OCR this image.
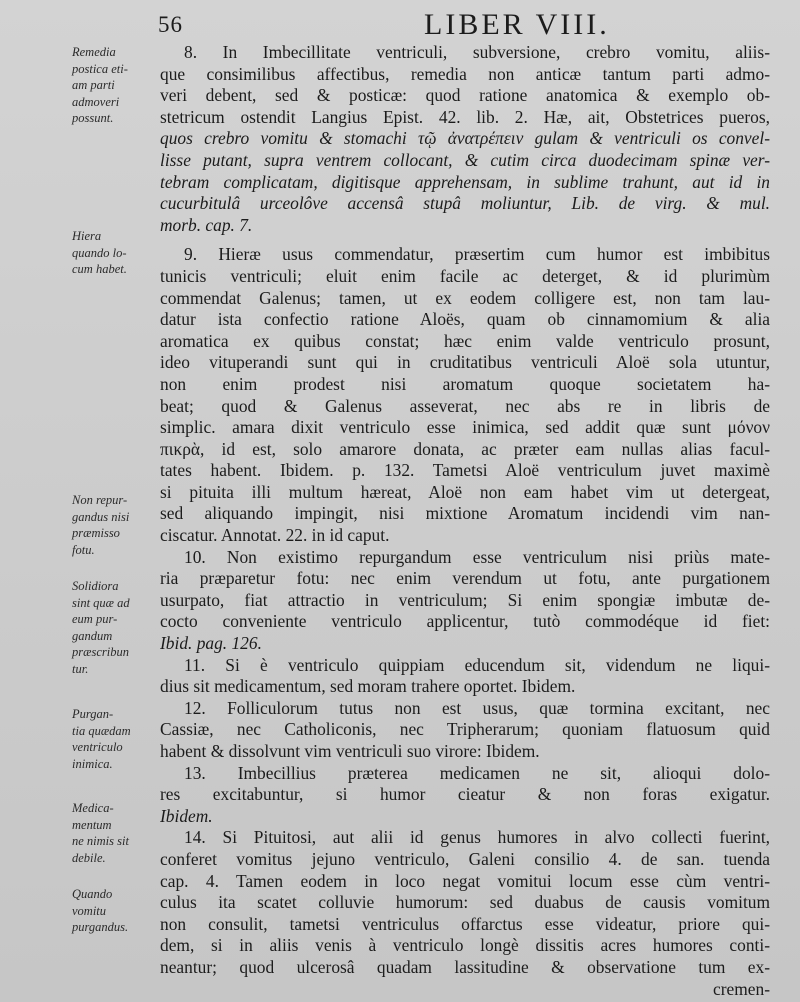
56	LIBER VIII.
Remedia
postica eti-
am parti
admoveri
possunt.
Hiera
quando lo-
cum habet.
Non repur-
gandus nisi
præmisso
fotu.
Solidiora
sint quæ ad
eum pur-
gandum
præscribun
tur.
Purgan-
tia quædam
ventriculo
inimica.
Medica-
mentum
ne nimis sit
debile.
Quando
vomitu
purgandus.
8. In Imbecillitate ventriculi, subversione, crebro vomitu, aliis-
que consimilibus affectibus, remedia non anticæ tantum parti admo-
veri debent, sed & posticæ: quod ratione anatomica & exemplo ob-
stetricum ostendit Langius Epist. 42. lib. 2. Hæ, ait, Obstetrices pueros,
quos crebro vomitu & stomachi τῷ ἀνατρέπειν gulam & ventriculi os convel-
lisse putant, supra ventrem collocant, & cutim circa duodecimam spinæ ver-
tebram complicatam, digitisque apprehensam, in sublime trahunt, aut id in
cucurbitulâ urceolôve accensâ stupâ moliuntur, Lib. de virg. & mul.
morb. cap. 7.
9. Hieræ usus commendatur, præsertim cum humor est imbibitus
tunicis ventriculi; eluit enim facile ac deterget, & id plurimùm
commendat Galenus; tamen, ut ex eodem colligere est, non tam lau-
datur ista confectio ratione Aloës, quam ob cinnamomium & alia
aromatica ex quibus constat; hæc enim valde ventriculo prosunt,
ideo vituperandi sunt qui in cruditatibus ventriculi Aloë sola utuntur,
non enim prodest nisi aromatum quoque societatem ha-
beat; quod & Galenus asseverat, nec abs re in libris de
simplic. amara dixit ventriculo esse inimica, sed addit quæ sunt μόνον
πικρὰ, id est, solo amarore donata, ac præter eam nullas alias facul-
tates habent. Ibidem. p. 132. Tametsi Aloë ventriculum juvet maximè
si pituita illi multum hæreat, Aloë non eam habet vim ut detergeat,
sed aliquando impingit, nisi mixtione Aromatum incidendi vim nan-
ciscatur. Annotat. 22. in id caput.
10. Non existimo repurgandum esse ventriculum nisi priùs mate-
ria præparetur fotu: nec enim verendum ut fotu, ante purgationem
usurpato, fiat attractio in ventriculum; Si enim spongiæ imbutæ de-
cocto conveniente ventriculo applicentur, tutò commodéque id fiet:
Ibid. pag. 126.
11. Si è ventriculo quippiam educendum sit, videndum ne liqui-
dius sit medicamentum, sed moram trahere oportet. Ibidem.
12. Folliculorum tutus non est usus, quæ tormina excitant, nec
Cassiæ, nec Catholiconis, nec Tripherarum; quoniam flatuosum quid
habent & dissolvunt vim ventriculi suo virore: Ibidem.
13. Imbecillius præterea medicamen ne sit, alioqui dolo-
res excitabuntur, si humor cieatur & non foras exigatur.
Ibidem.
14. Si Pituitosi, aut alii id genus humores in alvo collecti fuerint,
conferet vomitus jejuno ventriculo, Galeni consilio 4. de san. tuenda
cap. 4. Tamen eodem in loco negat vomitui locum esse cùm ventri-
culus ita scatet colluvie humorum: sed duabus de causis vomitum
non consulit, tametsi ventriculus offarctus esse videatur, priore qui-
dem, si in aliis venis à ventriculo longè dissitis acres humores conti-
neantur; quod ulcerosâ quadam lassitudine & observatione tum ex-
cremen-
